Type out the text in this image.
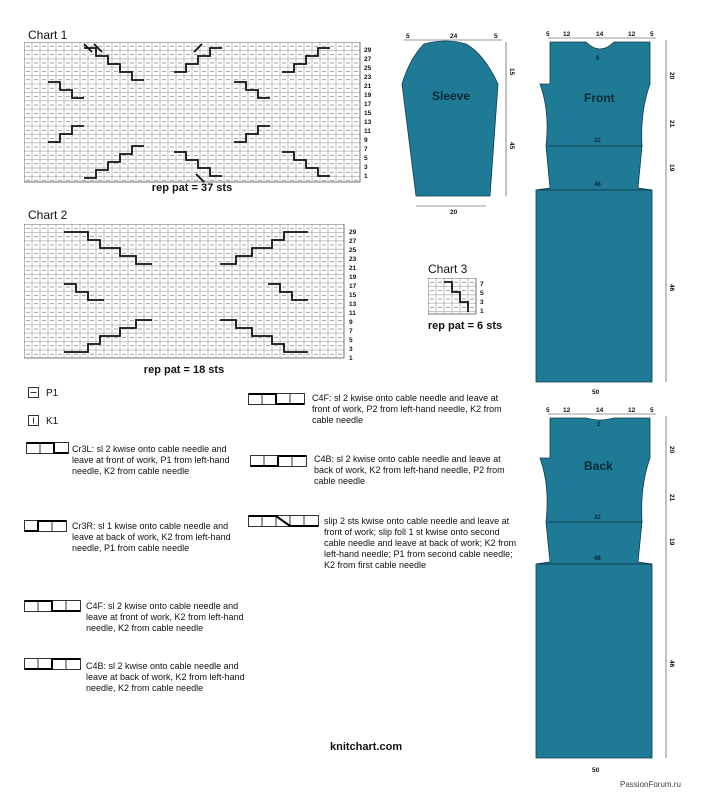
Chart 1
29
27
25
23
21
19
17
15
13
11
9
7
5
3
1
rep pat = 37 sts
Chart 2
29
27
25
23
21
19
17
15
13
11
9
7
5
3
1
rep pat = 18 sts
Chart 3
7
5
3
1
rep pat = 6 sts
P1
K1
Cr3L: sl 2 kwise onto cable needle and leave at front of work, P1 from left-hand needle, K2 from cable needle
Cr3R: sl 1 kwise onto cable needle and leave at back of work, K2 from left-hand needle, P1 from cable needle
C4F: sl 2 kwise onto cable needle and leave at front of work, K2 from left-hand needle, K2 from cable needle
C4B: sl 2 kwise onto cable needle and leave at back of work, K2 from left-hand needle, K2 from cable needle
C4F: sl 2 kwise onto cable needle and leave at front of work, P2 from left-hand needle, K2 from cable needle
C4B: sl 2 kwise onto cable needle and leave at back of work, K2 from left-hand needle, P2 from cable needle
slip 2 sts kwise onto cable needle and leave at front of work; slip foll 1 st kwise onto second cable needle and leave at back of work; K2 from left-hand needle; P1 from second cable needle; K2 from first cable needle
5	24	5
15
45
20
Sleeve
5 12	14	12 5
20
21
19
46
50
6
32
48
Front
5 12	14	12 5
20
21
19
46
50
2
32
48
Back
knitchart.com
PassionForum.ru
